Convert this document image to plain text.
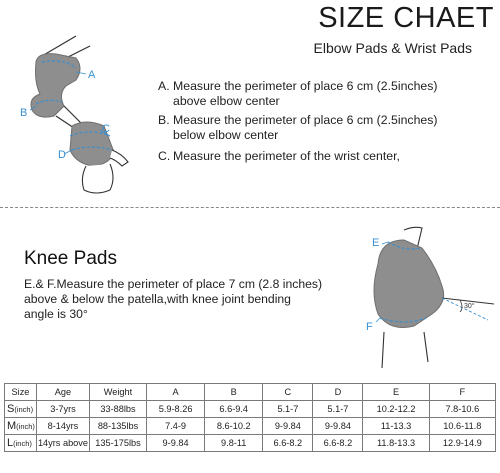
SIZE CHAET
Elbow Pads & Wrist Pads
A
B
C
D
A. Measure the perimeter of place 6 cm (2.5inches)
above elbow center
B. Measure the perimeter of place 6 cm (2.5inches)
below elbow center
C. Measure the perimeter of the wrist center,
Knee Pads
E.& F.Measure the perimeter of place 7 cm (2.8 inches)
above & below the patella,with knee joint bending
angle is 30°
30°
E
F
Size	Age	Weight	A	B	C	D	E	F
S(inch)	3-7yrs	33-88lbs	5.9-8.26	6.6-9.4	5.1-7	5.1-7	10.2-12.2	7.8-10.6
M(inch)	8-14yrs	88-135lbs	7.4-9	8.6-10.2	9-9.84	9-9.84	11-13.3	10.6-11.8
L(inch)	14yrs above	135-175lbs	9-9.84	9.8-11	6.6-8.2	6.6-8.2	11.8-13.3	12.9-14.9
